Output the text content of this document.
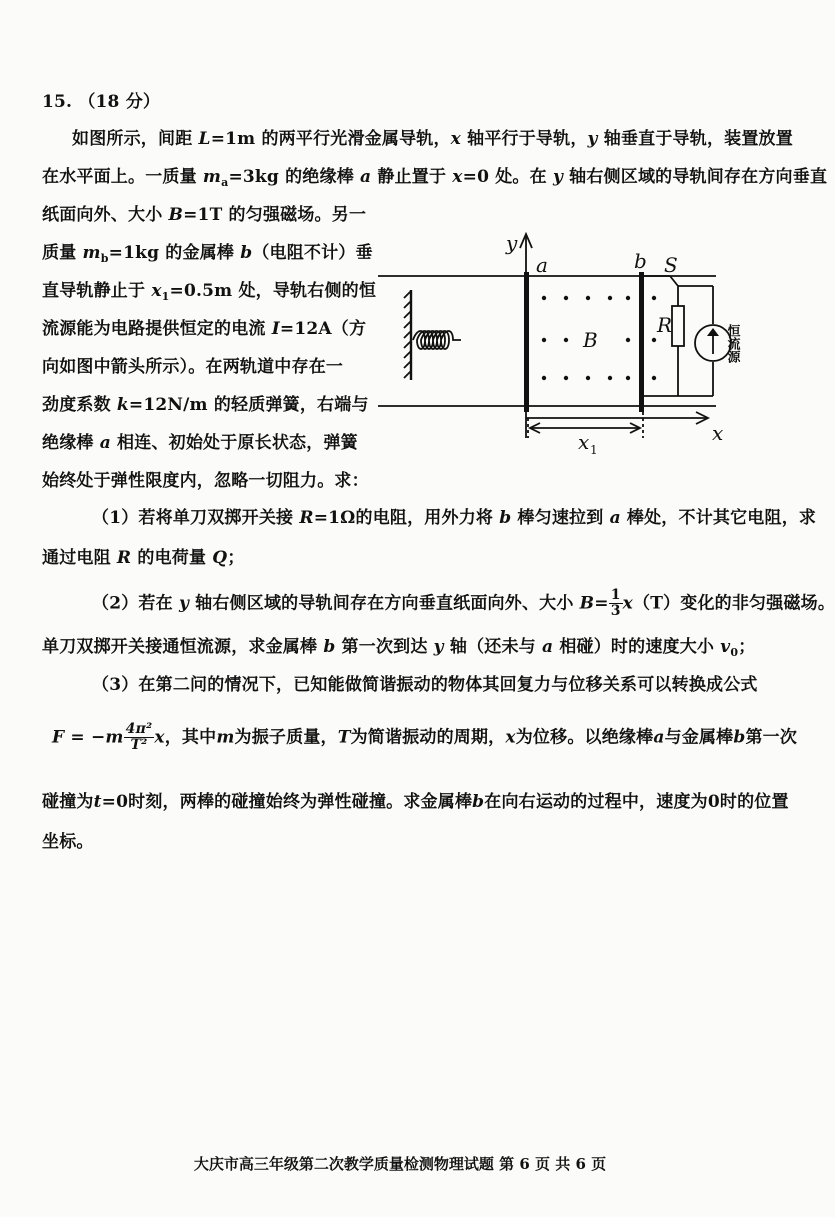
15. （18 分）
如图所示，间距 L=1m 的两平行光滑金属导轨，x 轴平行于导轨，y 轴垂直于导轨，装置放置
在水平面上。一质量 $m_a=3kg$ 的绝缘棒 a 静止置于 x=0 处。在 y 轴右侧区域的导轨间存在方向垂直
纸面向外、大小 B=1T 的匀强磁场。另一
质量 $m_b=1kg$ 的金属棒 b（电阻不计）垂
直导轨静止于 $x_1=0.5m$ 处，导轨右侧的恒
流源能为电路提供恒定的电流 I=12A（方
向如图中箭头所示）。在两轨道中存在一
劲度系数 k=12N/m 的轻质弹簧，右端与
绝缘棒 a 相连、初始处于原长状态，弹簧
始终处于弹性限度内，忽略一切阻力。求：
（1）若将单刀双掷开关接 R=1Ω的电阻，用外力将 b 棒匀速拉到 a 棒处，不计其它电阻，求
通过电阻 R 的电荷量 Q；
（2）若在 y 轴右侧区域的导轨间存在方向垂直纸面向外、大小 $B= \frac{1}{3} x(T)$变化的非匀强磁场。
单刀双掷开关接通恒流源，求金属棒 b 第一次到达 y 轴（还未与 a 相碰）时的速度大小 $v_0$；
（3）在第二问的情况下，已知能做简谐振动的物体其回复力与位移关系可以转换成公式
$F = -m \frac{\text{4π²}}{\text{T²}}$ x，其中m为振子质量，T为简谐振动的周期，x为位移。以绝缘棒a与金属棒b第一次
碰撞为t=0时刻，两棒的碰撞始终为弹性碰撞。求金属棒b在向右运动的过程中，速度为0时的位置
坐标。
y
x
a	b S
R
B
x 1
恒流源
大庆市高三年级第二次教学质量检测物理试题 第 6 页 共 6 页
